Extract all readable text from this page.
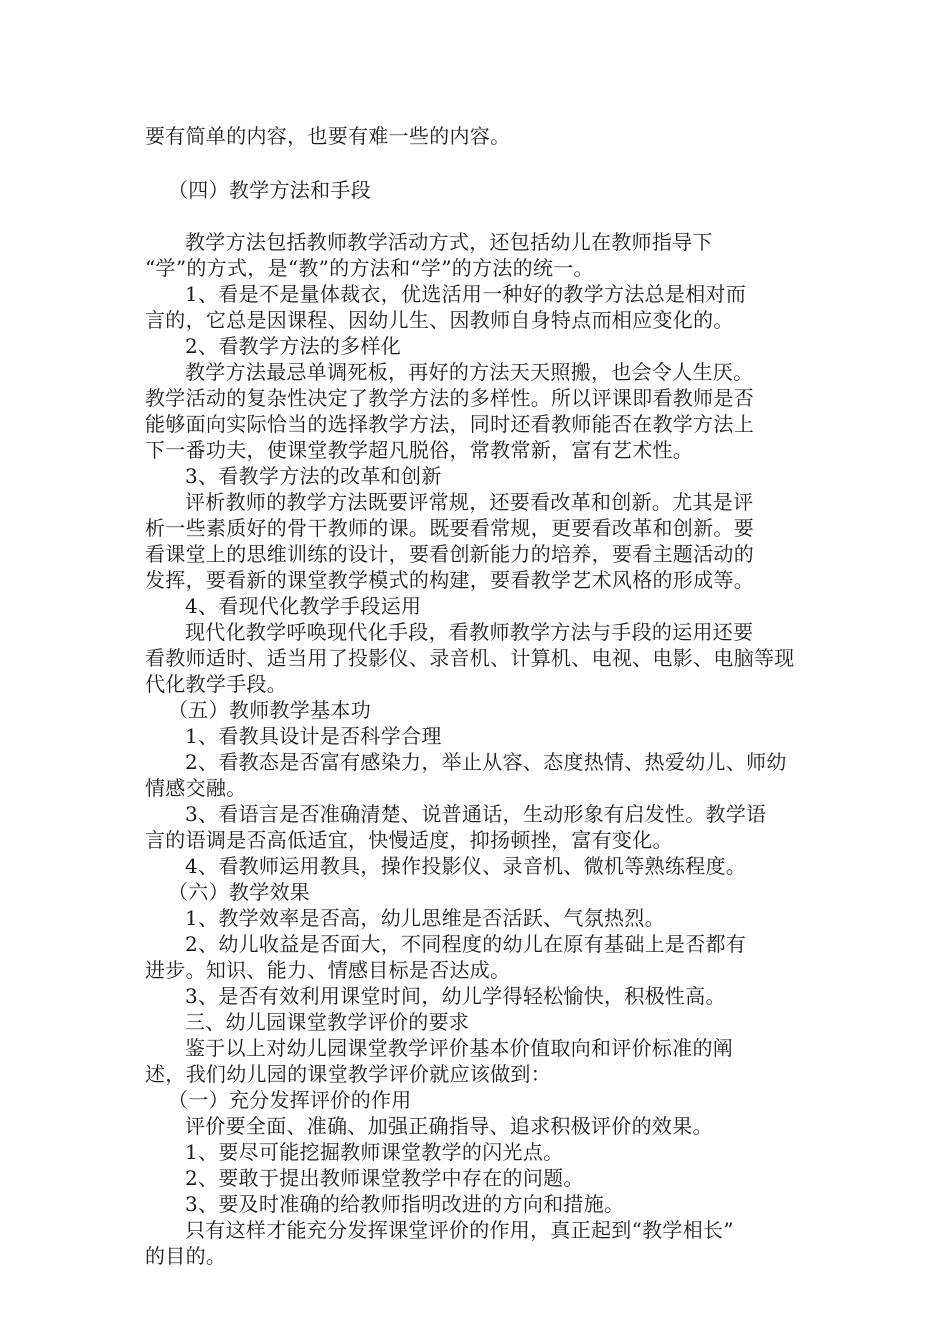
要有简单的内容，也要有难一些的内容。
（四）教学方法和手段
教学方法包括教师教学活动方式，还包括幼儿在教师指导下
“学”的方式，是“教”的方法和“学”的方法的统一。
1、看是不是量体裁衣，优选活用一种好的教学方法总是相对而
言的，它总是因课程、因幼儿生、因教师自身特点而相应变化的。
2、看教学方法的多样化
教学方法最忌单调死板，再好的方法天天照搬，也会令人生厌。
教学活动的复杂性决定了教学方法的多样性。所以评课即看教师是否
能够面向实际恰当的选择教学方法，同时还看教师能否在教学方法上
下一番功夫，使课堂教学超凡脱俗，常教常新，富有艺术性。
3、看教学方法的改革和创新
评析教师的教学方法既要评常规，还要看改革和创新。尤其是评
析一些素质好的骨干教师的课。既要看常规，更要看改革和创新。要
看课堂上的思维训练的设计，要看创新能力的培养，要看主题活动的
发挥，要看新的课堂教学模式的构建，要看教学艺术风格的形成等。
4、看现代化教学手段运用
现代化教学呼唤现代化手段，看教师教学方法与手段的运用还要
看教师适时、适当用了投影仪、录音机、计算机、电视、电影、电脑等现
代化教学手段。
（五）教师教学基本功
1、看教具设计是否科学合理
2、看教态是否富有感染力，举止从容、态度热情、热爱幼儿、师幼
情感交融。
3、看语言是否准确清楚、说普通话，生动形象有启发性。教学语
言的语调是否高低适宜，快慢适度，抑扬顿挫，富有变化。
4、看教师运用教具，操作投影仪、录音机、微机等熟练程度。
（六）教学效果
1、教学效率是否高，幼儿思维是否活跃、气氛热烈。
2、幼儿收益是否面大，不同程度的幼儿在原有基础上是否都有
进步。知识、能力、情感目标是否达成。
3、是否有效利用课堂时间，幼儿学得轻松愉快，积极性高。
三、幼儿园课堂教学评价的要求
鉴于以上对幼儿园课堂教学评价基本价值取向和评价标准的阐
述，我们幼儿园的课堂教学评价就应该做到：
（一）充分发挥评价的作用
评价要全面、准确、加强正确指导、追求积极评价的效果。
1、要尽可能挖掘教师课堂教学的闪光点。
2、要敢于提出教师课堂教学中存在的问题。
3、要及时准确的给教师指明改进的方向和措施。
只有这样才能充分发挥课堂评价的作用，真正起到“教学相长”
的目的。
